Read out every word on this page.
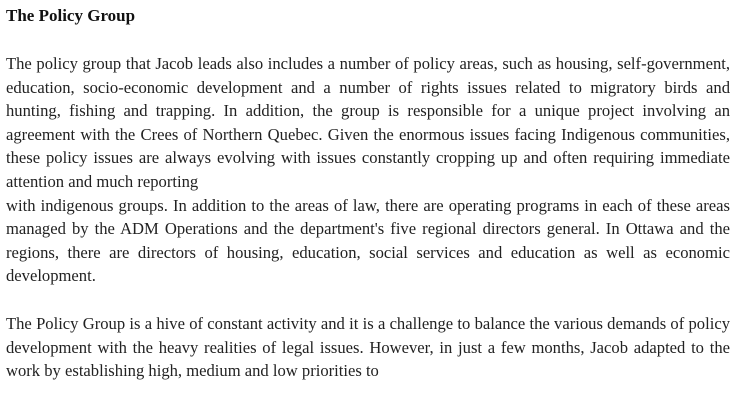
The Policy Group

The policy group that Jacob leads also includes a number of policy areas, such as housing, self-government, education, socio-economic development and a number of rights issues related to migratory birds and hunting, fishing and trapping. In addition, the group is responsible for a unique project involving an agreement with the Crees of Northern Quebec. Given the enormous issues facing Indigenous communities, these policy issues are always evolving with issues constantly cropping up and often requiring immediate attention and much reporting

with indigenous groups. In addition to the areas of law, there are operating programs in each of these areas managed by the ADM Operations and the department's five regional directors general. In Ottawa and the regions, there are directors of housing, education, social services and education as well as economic development.

The Policy Group is a hive of constant activity and it is a challenge to balance the various demands of policy development with the heavy realities of legal issues. However, in just a few months, Jacob adapted to the work by establishing high, medium and low priorities to
